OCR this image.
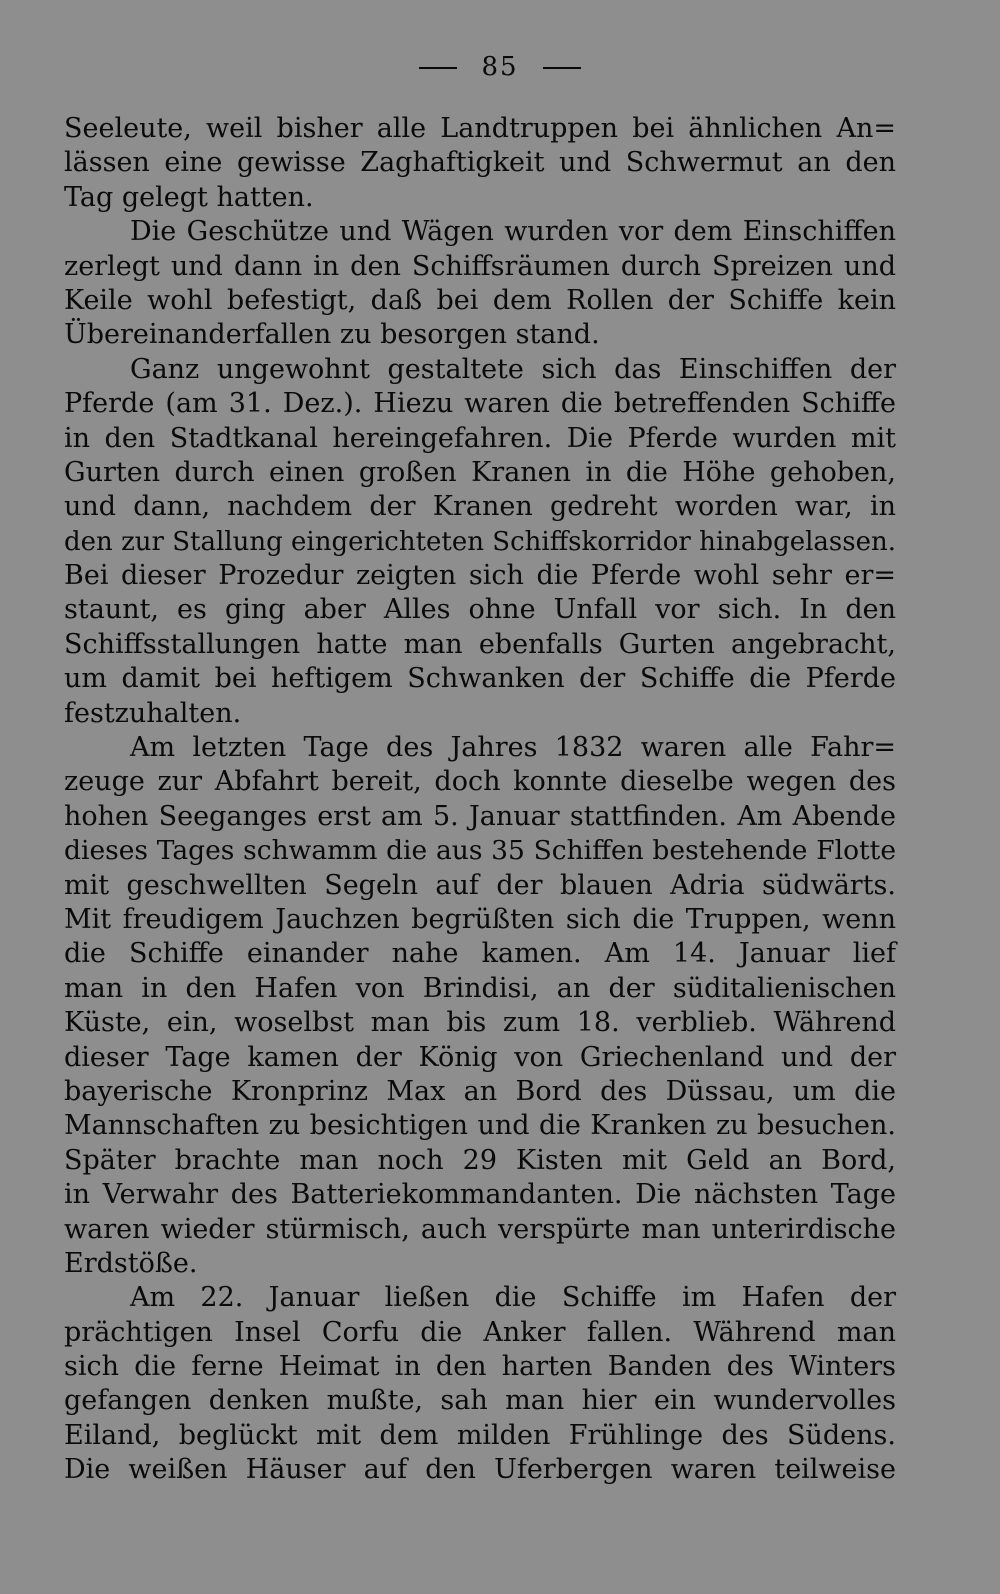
85
Seeleute, weil bisher alle Landtruppen bei ähnlichen An=
lässen eine gewisse Zaghaftigkeit und Schwermut an den
Tag gelegt hatten.
Die Geschütze und Wägen wurden vor dem Einschiffen
zerlegt und dann in den Schiffsräumen durch Spreizen und
Keile wohl befestigt, daß bei dem Rollen der Schiffe kein
Übereinanderfallen zu besorgen stand.
Ganz ungewohnt gestaltete sich das Einschiffen der
Pferde (am 31. Dez.). Hiezu waren die betreffenden Schiffe
in den Stadtkanal hereingefahren. Die Pferde wurden mit
Gurten durch einen großen Kranen in die Höhe gehoben,
und dann, nachdem der Kranen gedreht worden war, in
den zur Stallung eingerichteten Schiffskorridor hinabgelassen.
Bei dieser Prozedur zeigten sich die Pferde wohl sehr er=
staunt, es ging aber Alles ohne Unfall vor sich. In den
Schiffsstallungen hatte man ebenfalls Gurten angebracht,
um damit bei heftigem Schwanken der Schiffe die Pferde
festzuhalten.
Am letzten Tage des Jahres 1832 waren alle Fahr=
zeuge zur Abfahrt bereit, doch konnte dieselbe wegen des
hohen Seeganges erst am 5. Januar stattfinden. Am Abende
dieses Tages schwamm die aus 35 Schiffen bestehende Flotte
mit geschwellten Segeln auf der blauen Adria südwärts.
Mit freudigem Jauchzen begrüßten sich die Truppen, wenn
die Schiffe einander nahe kamen. Am 14. Januar lief
man in den Hafen von Brindisi, an der süditalienischen
Küste, ein, woselbst man bis zum 18. verblieb. Während
dieser Tage kamen der König von Griechenland und der
bayerische Kronprinz Max an Bord des Düssau, um die
Mannschaften zu besichtigen und die Kranken zu besuchen.
Später brachte man noch 29 Kisten mit Geld an Bord,
in Verwahr des Batteriekommandanten. Die nächsten Tage
waren wieder stürmisch, auch verspürte man unterirdische
Erdstöße.
Am 22. Januar ließen die Schiffe im Hafen der
prächtigen Insel Corfu die Anker fallen. Während man
sich die ferne Heimat in den harten Banden des Winters
gefangen denken mußte, sah man hier ein wundervolles
Eiland, beglückt mit dem milden Frühlinge des Südens.
Die weißen Häuser auf den Uferbergen waren teilweise
